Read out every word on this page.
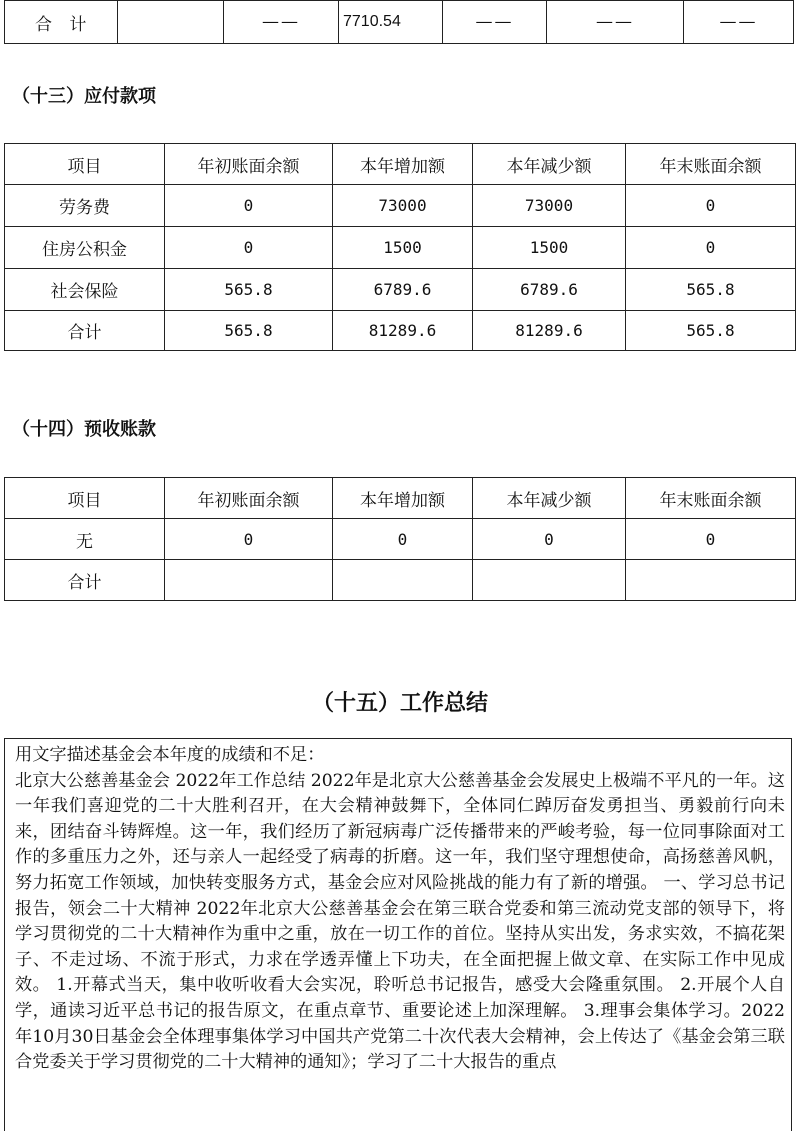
合 计		——	7710.54	——	——	——
（十三）应付款项
项目	年初账面余额	本年增加额	本年减少额	年末账面余额
劳务费	0	73000	73000	0
住房公积金	0	1500	1500	0
社会保险	565.8	6789.6	6789.6	565.8
合计	565.8	81289.6	81289.6	565.8
（十四）预收账款
项目	年初账面余额	本年增加额	本年减少额	年末账面余额
无	0	0	0	0
合计				
（十五）工作总结

用文字描述基金会本年度的成绩和不足：

北京大公慈善基金会 2022年工作总结 2022年是北京大公慈善基金会发展史上极端不平凡的一年。这一年我们喜迎党的二十大胜利召开，在大会精神鼓舞下，全体同仁踔厉奋发勇担当、勇毅前行向未来，团结奋斗铸辉煌。这一年，我们经历了新冠病毒广泛传播带来的严峻考验，每一位同事除面对工作的多重压力之外，还与亲人一起经受了病毒的折磨。这一年，我们坚守理想使命，高扬慈善风帆，努力拓宽工作领域，加快转变服务方式，基金会应对风险挑战的能力有了新的增强。 一、学习总书记报告，领会二十大精神 2022年北京大公慈善基金会在第三联合党委和第三流动党支部的领导下，将学习贯彻党的二十大精神作为重中之重，放在一切工作的首位。坚持从实出发，务求实效，不搞花架子、不走过场、不流于形式，力求在学透弄懂上下功夫，在全面把握上做文章、在实际工作中见成效。 1.开幕式当天，集中收听收看大会实况，聆听总书记报告，感受大会隆重氛围。 2.开展个人自学，通读习近平总书记的报告原文，在重点章节、重要论述上加深理解。 3.理事会集体学习。2022年10月30日基金会全体理事集体学习中国共产党第二十次代表大会精神，会上传达了《基金会第三联合党委关于学习贯彻党的二十大精神的通知》；学习了二十大报告的重点
